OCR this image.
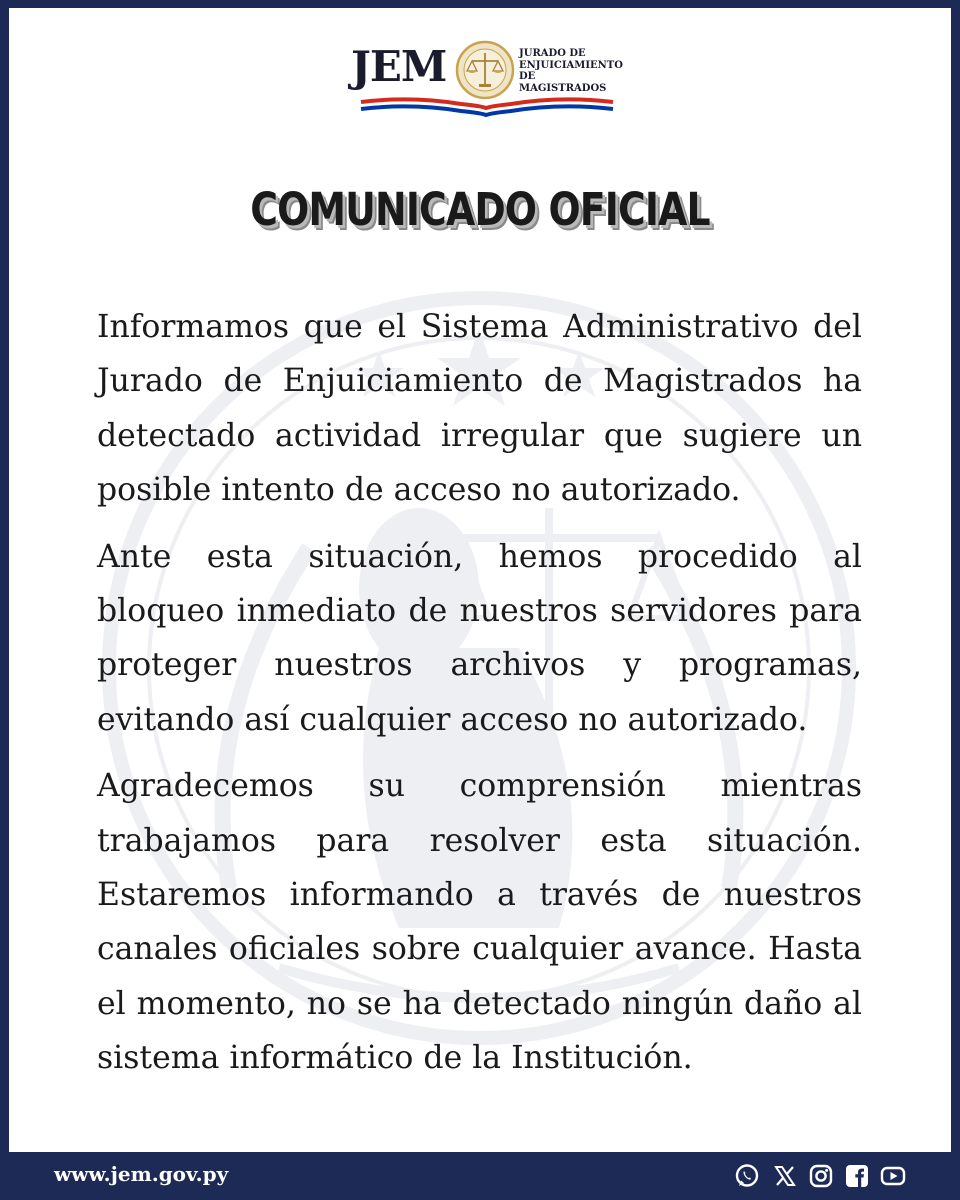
JEM	JURADO DE
ENJUICIAMIENTO
DE MAGISTRADOS
COMUNICADO OFICIAL

Informamos que el Sistema Administrativo del Jurado de Enjuiciamiento de Magistrados ha detectado actividad irregular que sugiere un posible intento de acceso no autorizado.

Ante esta situación, hemos procedido al bloqueo inmediato de nuestros servidores para proteger nuestros archivos y programas, evitando así cualquier acceso no autorizado.

Agradecemos su comprensión mientras trabajamos para resolver esta situación. Estaremos informando a través de nuestros canales oficiales sobre cualquier avance. Hasta el momento, no se ha detectado ningún daño al sistema informático de la Institución.

www.jem.gov.py
